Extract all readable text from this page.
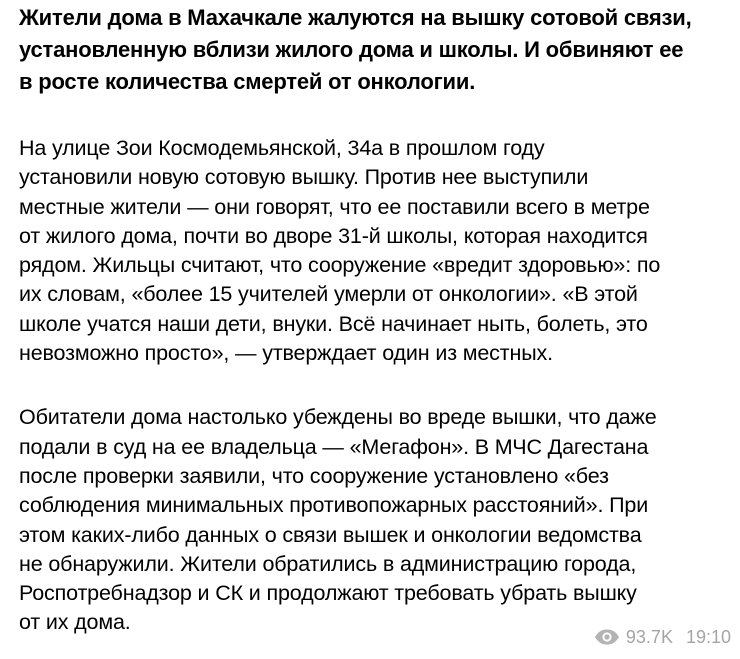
Жители дома в Махачкале жалуются на вышку сотовой связи,
установленную вблизи жилого дома и школы. И обвиняют ее
в росте количества смертей от онкологии.

На улице Зои Космодемьянской, 34а в прошлом году
установили новую сотовую вышку. Против нее выступили
местные жители — они говорят, что ее поставили всего в метре
от жилого дома, почти во дворе 31-й школы, которая находится
рядом. Жильцы считают, что сооружение «вредит здоровью»: по
их словам, «более 15 учителей умерли от онкологии». «В этой
школе учатся наши дети, внуки. Всё начинает ныть, болеть, это
невозможно просто», — утверждает один из местных.

Обитатели дома настолько убеждены во вреде вышки, что даже
подали в суд на ее владельца — «Мегафон». В МЧС Дагестана
после проверки заявили, что сооружение установлено «без
соблюдения минимальных противопожарных расстояний». При
этом каких-либо данных о связи вышек и онкологии ведомства
не обнаружили. Жители обратились в администрацию города,
Роспотребнадзор и СК и продолжают требовать убрать вышку
от их дома.

93.7K 19:10
